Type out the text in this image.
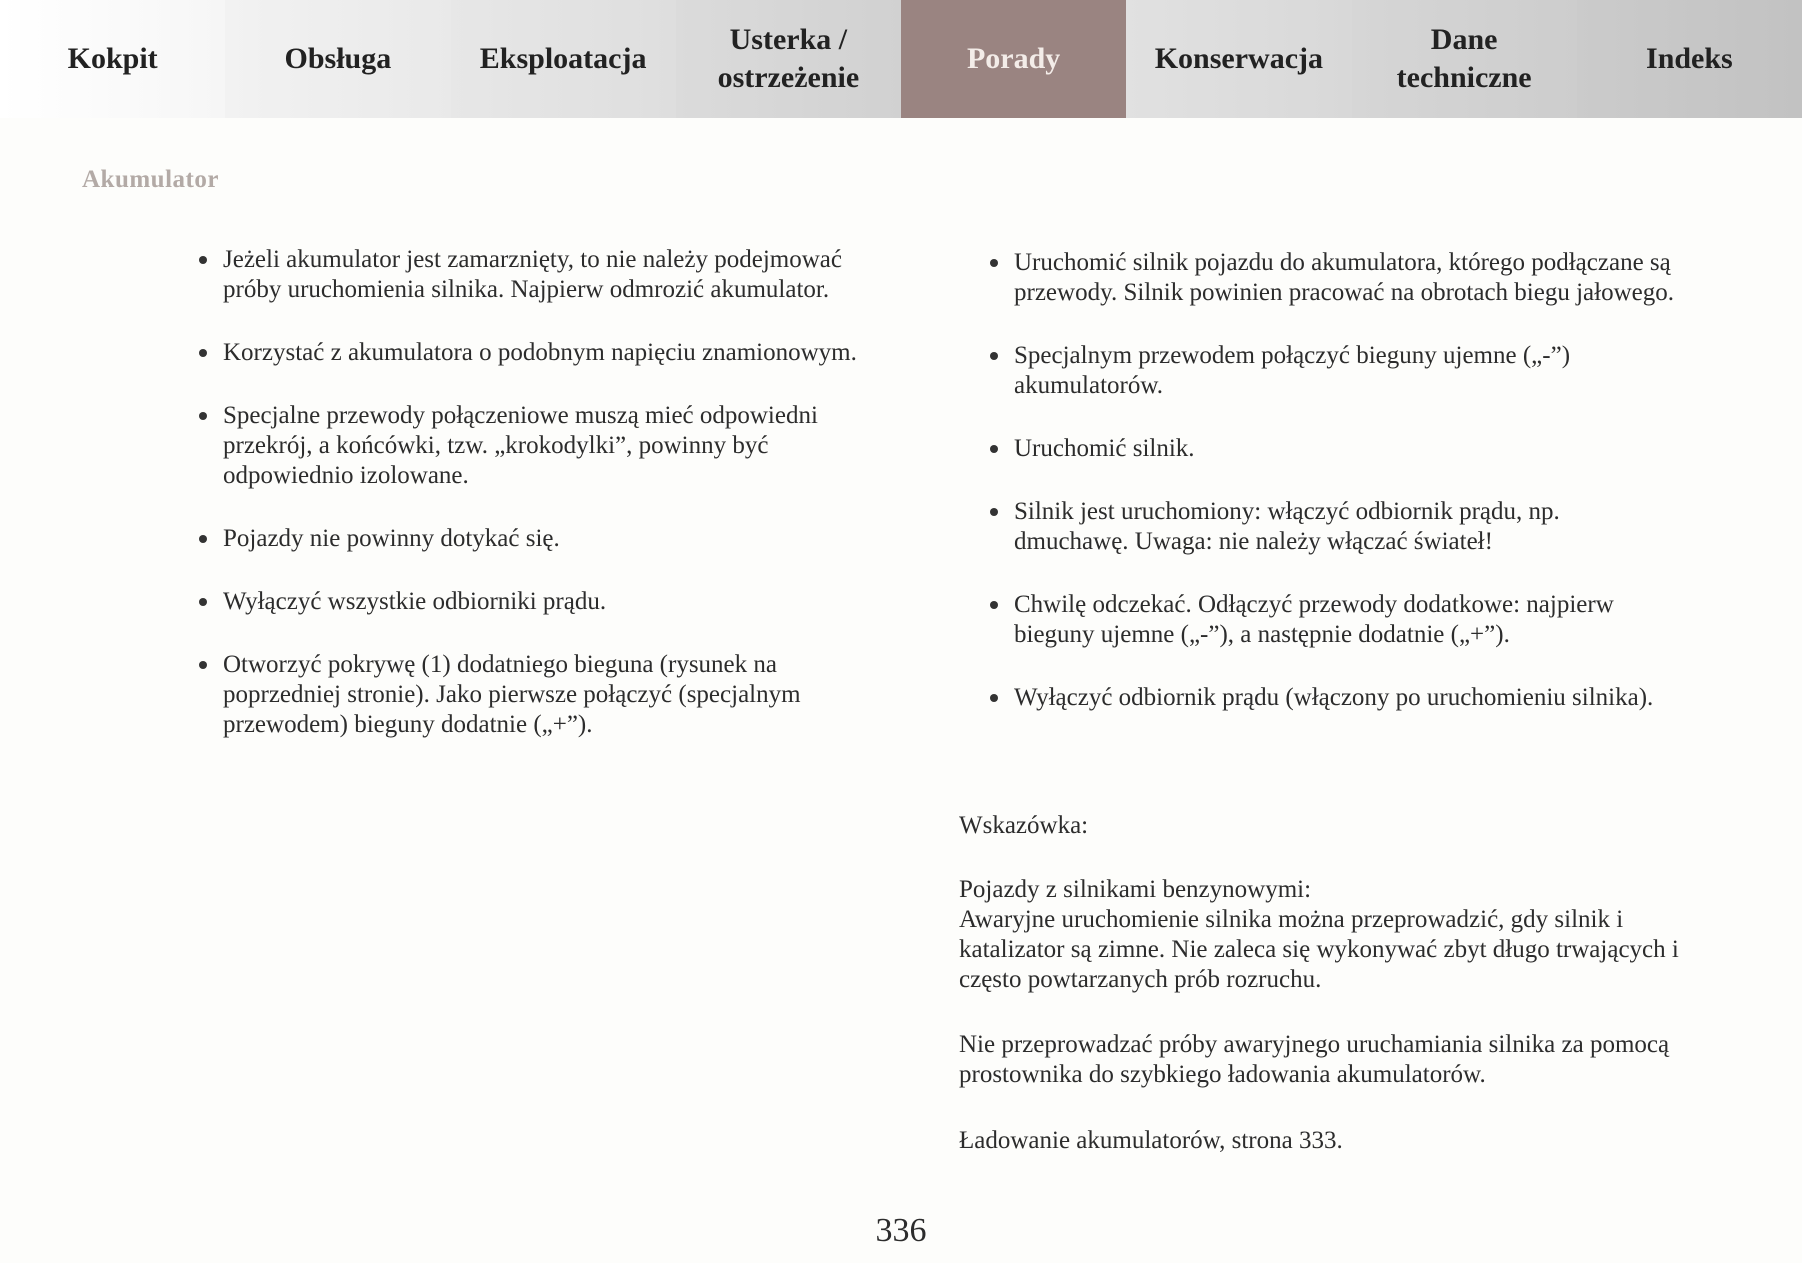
Kokpit	Obsługa	Eksploatacja
Usterka /
ostrzeżenie
Porady	Konserwacja
Dane
techniczne
Indeks
Akumulator
Jeżeli akumulator jest zamarznięty, to nie należy podejmować próby uruchomienia silnika. Najpierw odmrozić akumulator.
Korzystać z akumulatora o podobnym napięciu znamionowym.
Specjalne przewody połączeniowe muszą mieć odpowiedni przekrój, a końcówki, tzw. „krokodylki”, powinny być odpowiednio izolowane.
Pojazdy nie powinny dotykać się.
Wyłączyć wszystkie odbiorniki prądu.
Otworzyć pokrywę (1) dodatniego bieguna (rysunek na poprzedniej stronie). Jako pierwsze połączyć (specjalnym przewodem) bieguny dodatnie („+”).
Uruchomić silnik pojazdu do akumulatora, którego podłączane są przewody. Silnik powinien pracować na obrotach biegu jałowego.
Specjalnym przewodem połączyć bieguny ujemne („-”) akumulatorów.
Uruchomić silnik.
Silnik jest uruchomiony: włączyć odbiornik prądu, np. dmuchawę. Uwaga: nie należy włączać świateł!
Chwilę odczekać. Odłączyć przewody dodatkowe: najpierw bieguny ujemne („-”), a następnie dodatnie („+”).
Wyłączyć odbiornik prądu (włączony po uruchomieniu silnika).
Wskazówka:
Pojazdy z silnikami benzynowymi:
Awaryjne uruchomienie silnika można przeprowadzić, gdy silnik i katalizator są zimne. Nie zaleca się wykonywać zbyt długo trwających i często powtarzanych prób rozruchu.
Nie przeprowadzać próby awaryjnego uruchamiania silnika za pomocą prostownika do szybkiego ładowania akumulatorów.
Ładowanie akumulatorów, strona 333.
336
